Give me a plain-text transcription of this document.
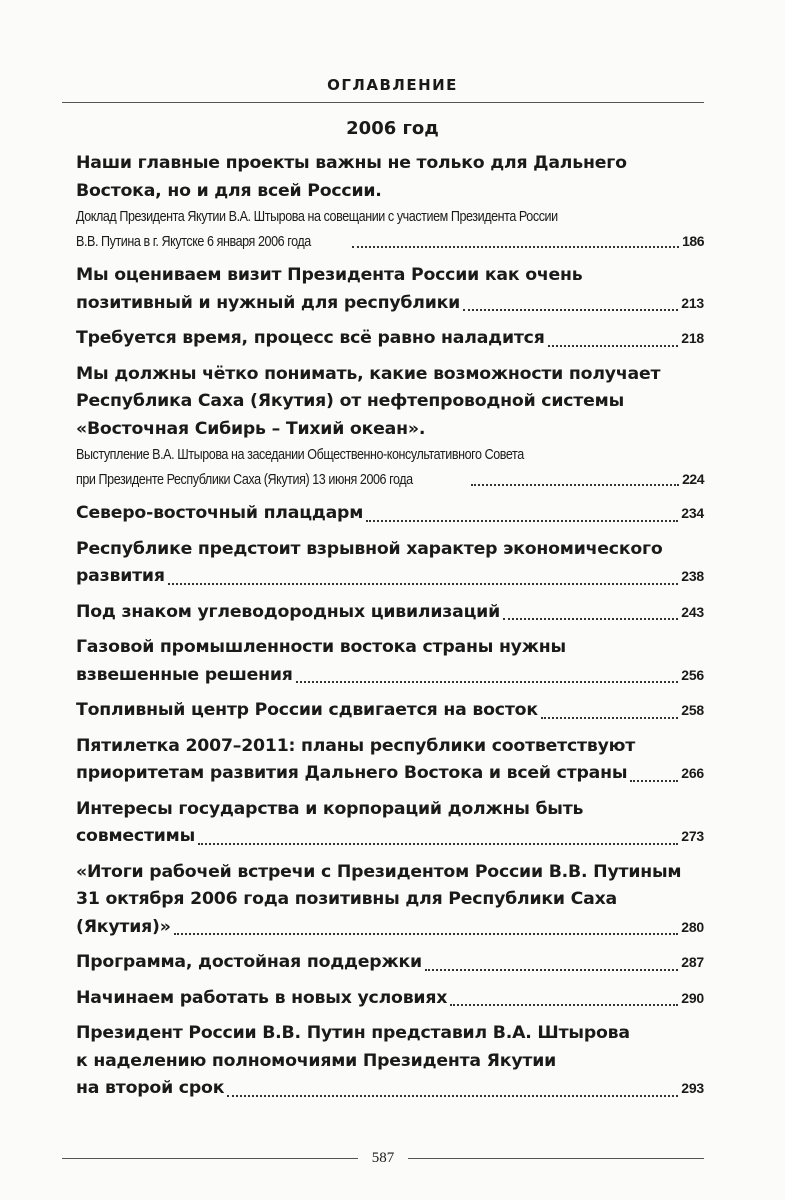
ОГЛАВЛЕНИЕ
2006 год
Наши главные проекты важны не только для Дальнего
Востока, но и для всей России.
Доклад Президента Якутии В.А. Штырова на совещании с участием Президента России
В.В. Путина в г. Якутске 6 января 2006 года	186
Мы оцениваем визит Президента России как очень
позитивный и нужный для республики	213
Требуется время, процесс всё равно наладится	218
Мы должны чётко понимать, какие возможности получает
Республика Саха (Якутия) от нефтепроводной системы
«Восточная Сибирь – Тихий океан».
Выступление В.А. Штырова на заседании Общественно-консультативного Совета
при Президенте Республики Саха (Якутия) 13 июня 2006 года	224
Северо-восточный плацдарм	234
Республике предстоит взрывной характер экономического
развития	238
Под знаком углеводородных цивилизаций	243
Газовой промышленности востока страны нужны
взвешенные решения	256
Топливный центр России сдвигается на восток	258
Пятилетка 2007–2011: планы республики соответствуют
приоритетам развития Дальнего Востока и всей страны	266
Интересы государства и корпораций должны быть
совместимы	273
«Итоги рабочей встречи с Президентом России В.В. Путиным
31 октября 2006 года позитивны для Республики Саха
(Якутия)»	280
Программа, достойная поддержки	287
Начинаем работать в новых условиях	290
Президент России В.В. Путин представил В.А. Штырова
к наделению полномочиями Президента Якутии
на второй срок	293
587
